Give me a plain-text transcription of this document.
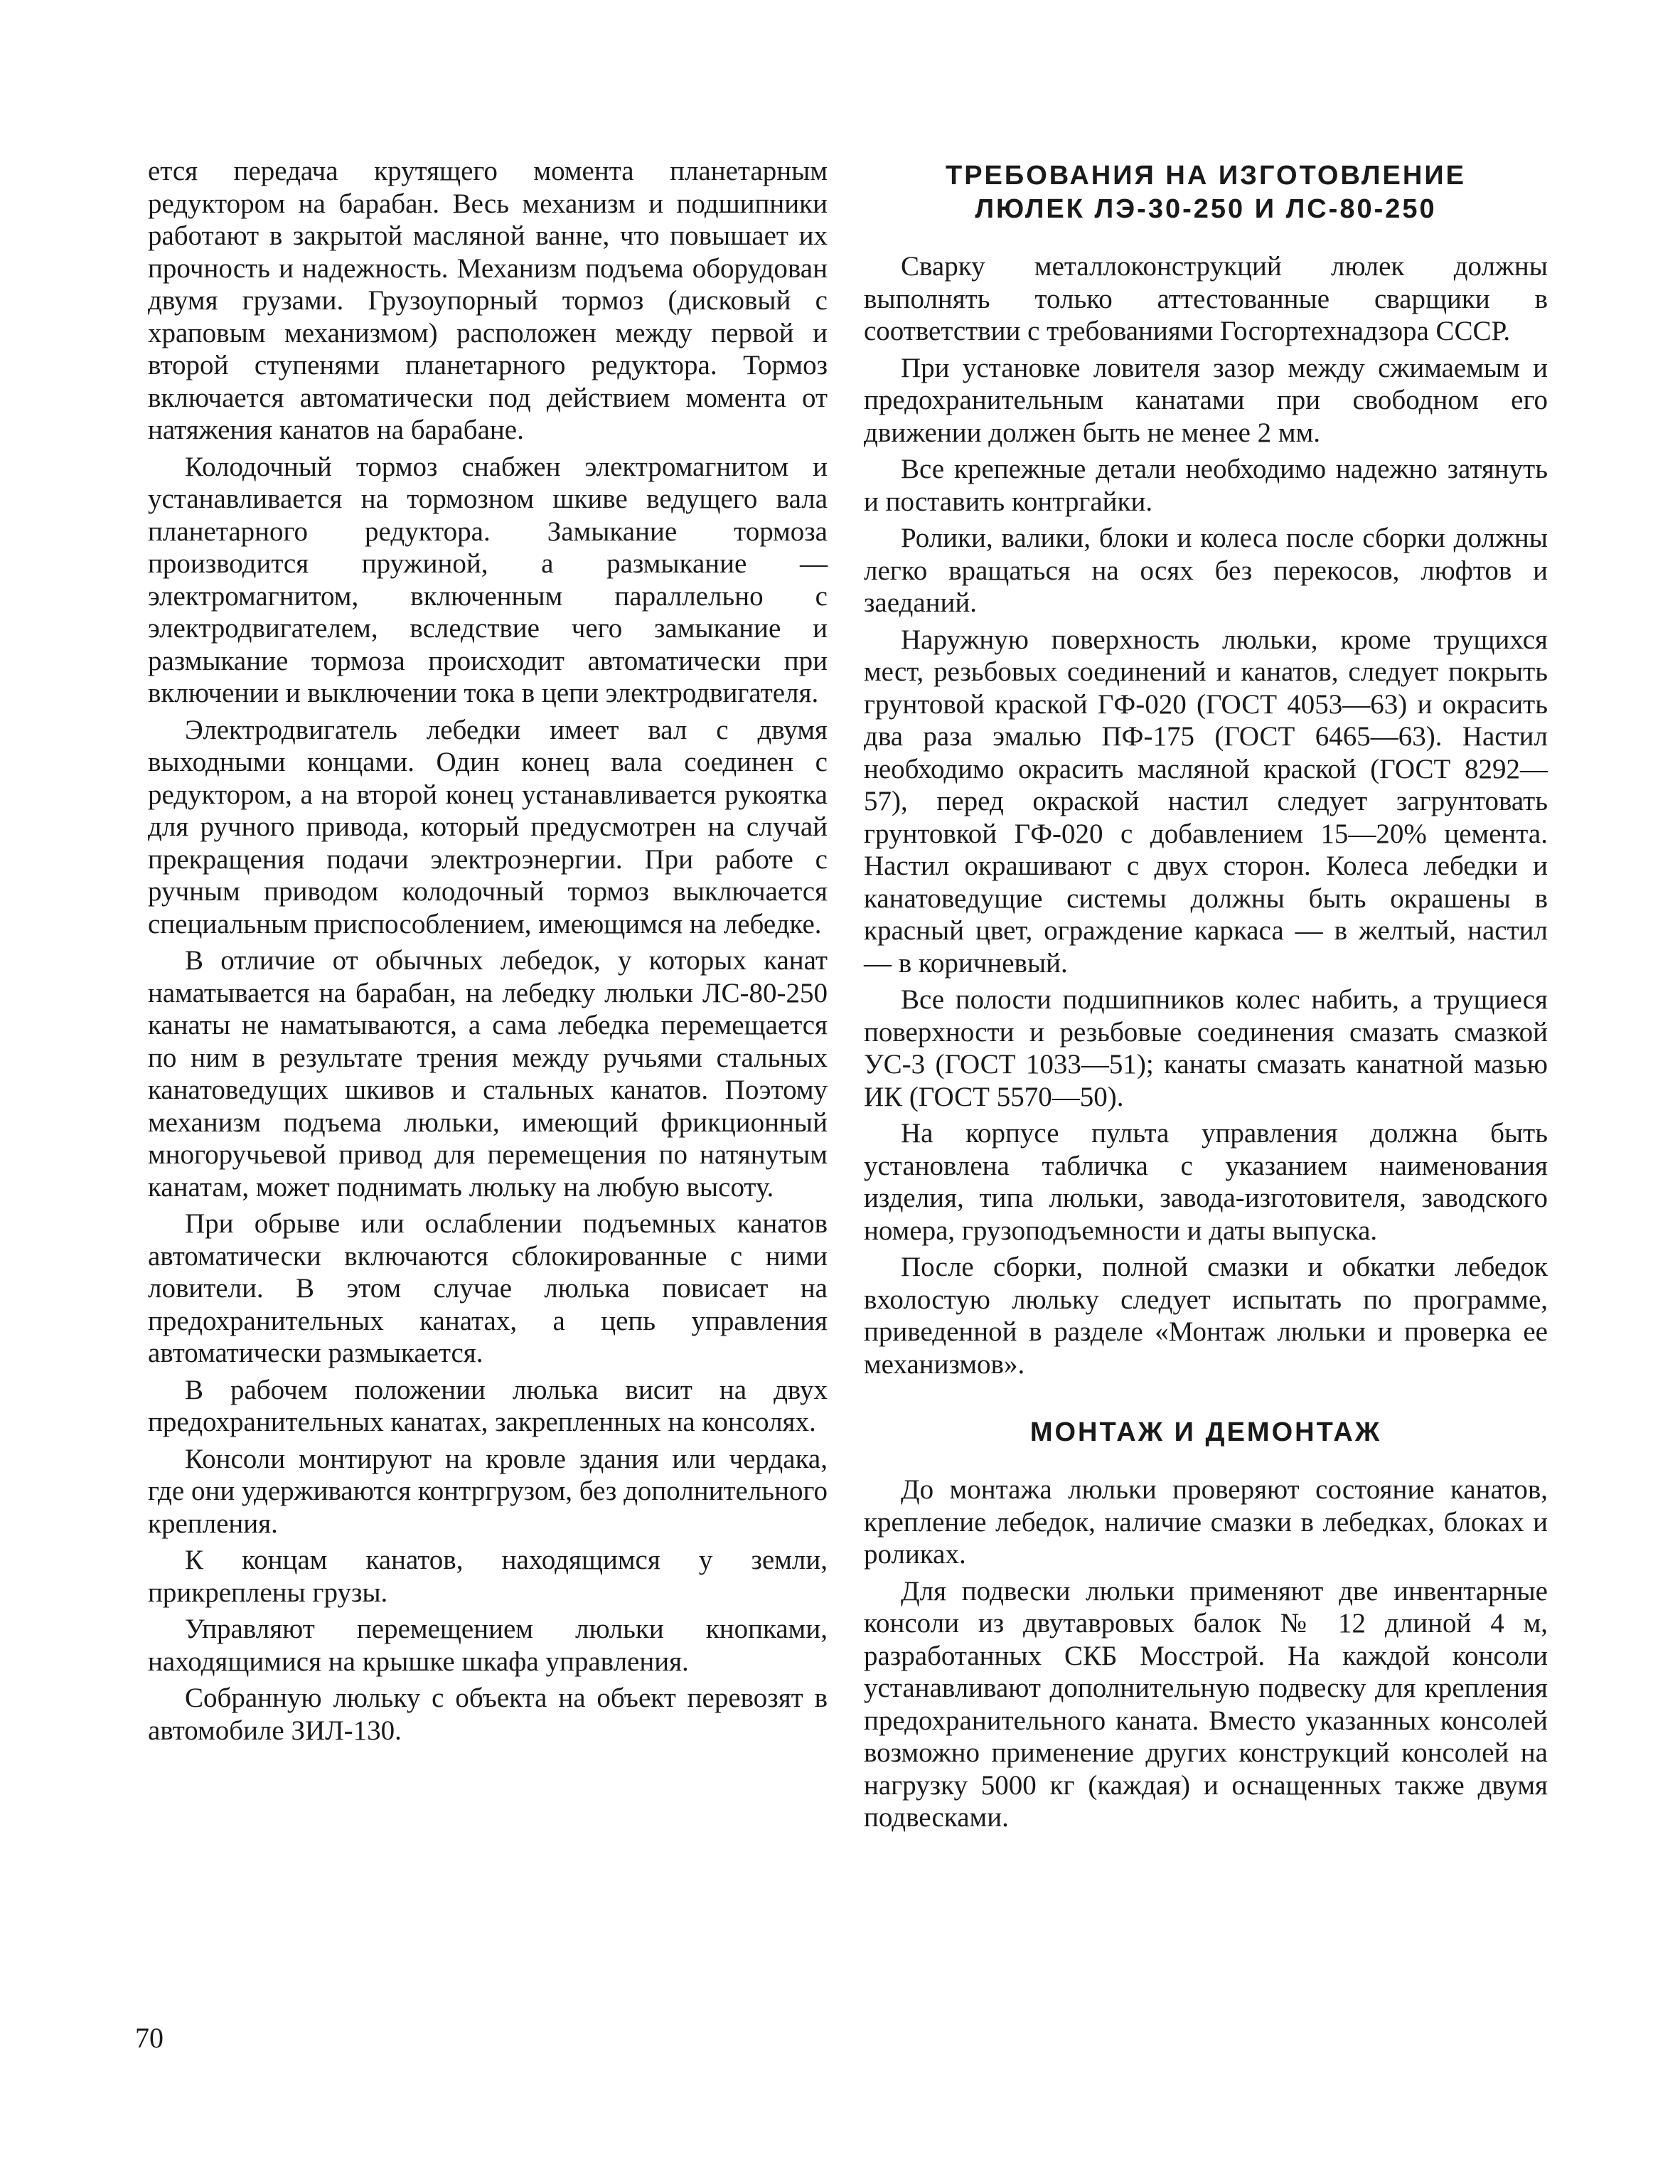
ется передача крутящего момента планетарным редуктором на барабан. Весь механизм и подшипники работают в закрытой масляной ванне, что повышает их прочность и надежность. Механизм подъема оборудован двумя грузами. Грузоупорный тормоз (дисковый с храповым механизмом) расположен между первой и второй ступенями планетарного редуктора. Тормоз включается автоматически под действием момента от натяжения канатов на барабане.

Колодочный тормоз снабжен электромагнитом и устанавливается на тормозном шкиве ведущего вала планетарного редуктора. Замыкание тормоза производится пружиной, а размыкание — электромагнитом, включенным параллельно с электродвигателем, вследствие чего замыкание и размыкание тормоза происходит автоматически при включении и выключении тока в цепи электродвигателя.

Электродвигатель лебедки имеет вал с двумя выходными концами. Один конец вала соединен с редуктором, а на второй конец устанавливается рукоятка для ручного привода, который предусмотрен на случай прекращения подачи электроэнергии. При работе с ручным приводом колодочный тормоз выключается специальным приспособлением, имеющимся на лебедке.

В отличие от обычных лебедок, у которых канат наматывается на барабан, на лебедку люльки ЛС-80-250 канаты не наматываются, а сама лебедка перемещается по ним в результате трения между ручьями стальных канатоведущих шкивов и стальных канатов. Поэтому механизм подъема люльки, имеющий фрикционный многоручьевой привод для перемещения по натянутым канатам, может поднимать люльку на любую высоту.

При обрыве или ослаблении подъемных канатов автоматически включаются сблокированные с ними ловители. В этом случае люлька повисает на предохранительных канатах, а цепь управления автоматически размыкается.

В рабочем положении люлька висит на двух предохранительных канатах, закрепленных на консолях.

Консоли монтируют на кровле здания или чердака, где они удерживаются контргрузом, без дополнительного крепления.

К концам канатов, находящимся у земли, прикреплены грузы.

Управляют перемещением люльки кнопками, находящимися на крышке шкафа управления.

Собранную люльку с объекта на объект перевозят в автомобиле ЗИЛ-130.

ТРЕБОВАНИЯ НА ИЗГОТОВЛЕНИЕ
ЛЮЛЕК ЛЭ-30-250 И ЛС-80-250

Сварку металлоконструкций люлек должны выполнять только аттестованные сварщики в соответствии с требованиями Госгортехнадзора СССР.

При установке ловителя зазор между сжимаемым и предохранительным канатами при свободном его движении должен быть не менее 2 мм.

Все крепежные детали необходимо надежно затянуть и поставить контргайки.

Ролики, валики, блоки и колеса после сборки должны легко вращаться на осях без перекосов, люфтов и заеданий.

Наружную поверхность люльки, кроме трущихся мест, резьбовых соединений и канатов, следует покрыть грунтовой краской ГФ-020 (ГОСТ 4053—63) и окрасить два раза эмалью ПФ-175 (ГОСТ 6465—63). Настил необходимо окрасить масляной краской (ГОСТ 8292—57), перед окраской настил следует загрунтовать грунтовкой ГФ-020 с добавлением 15—20% цемента. Настил окрашивают с двух сторон. Колеса лебедки и канатоведущие системы должны быть окрашены в красный цвет, ограждение каркаса — в желтый, настил — в коричневый.

Все полости подшипников колес набить, а трущиеся поверхности и резьбовые соединения смазать смазкой УС-3 (ГОСТ 1033—51); канаты смазать канатной мазью ИК (ГОСТ 5570—50).

На корпусе пульта управления должна быть установлена табличка с указанием наименования изделия, типа люльки, завода-изготовителя, заводского номера, грузоподъемности и даты выпуска.

После сборки, полной смазки и обкатки лебедок вхолостую люльку следует испытать по программе, приведенной в разделе «Монтаж люльки и проверка ее механизмов».

МОНТАЖ И ДЕМОНТАЖ

До монтажа люльки проверяют состояние канатов, крепление лебедок, наличие смазки в лебедках, блоках и роликах.

Для подвески люльки применяют две инвентарные консоли из двутавровых балок № 12 длиной 4 м, разработанных СКБ Мосстрой. На каждой консоли устанавливают дополнительную подвеску для крепления предохранительного каната. Вместо указанных консолей возможно применение других конструкций консолей на нагрузку 5000 кг (каждая) и оснащенных также двумя подвесками.

70
